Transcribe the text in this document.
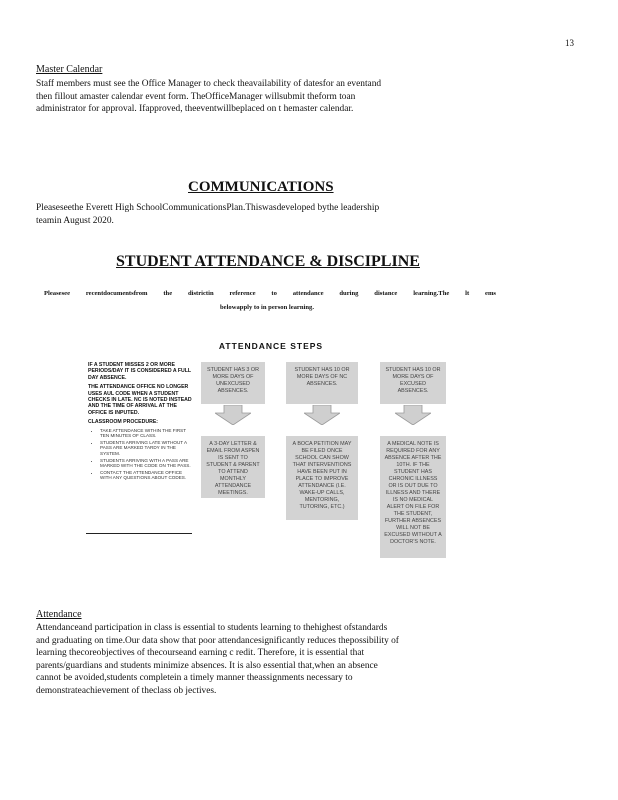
13
Master Calendar
Staff members must see the Office Manager to check theavailability of datesfor an eventand
then fillout amaster calendar event form. TheOfficeManager willsubmit theform toan
administrator for approval. Ifapproved, theeventwillbeplaced on t hemaster calendar.
COMMUNICATIONS
Pleaseseethe Everett High SchoolCommunicationsPlan.Thiswasdeveloped bythe leadership
teamin August 2020.
STUDENT ATTENDANCE & DISCIPLINE
Pleasesee recentdocumentsfrom the districtin reference to attendance during distance learning.The lt ems
belowapply to in person learning.
ATTENDANCE STEPS

IF A STUDENT MISSES 2 OR MORE PERIODS/DAY IT IS CONSIDERED A FULL DAY ABSENCE.

THE ATTENDANCE OFFICE NO LONGER USES AUL CODE WHEN A STUDENT CHECKS IN LATE. NC IS NOTED INSTEAD AND THE TIME OF ARRIVAL AT THE OFFICE IS INPUTED.

CLASSROOM PROCEDURE:

• TAKE ATTENDANCE WITHIN THE FIRST TEN MINUTES OF CLASS.
• STUDENTS ARRIVING LATE WITHOUT A PASS ARE MARKED TARDY IN THE SYSTEM.
• STUDENTS ARRIVING WITH A PASS ARE MARKED WITH THE CODE ON THE PASS.
• CONTACT THE ATTENDANCE OFFICE WITH ANY QUESTIONS ABOUT CODES.
STUDENT HAS 3 OR MORE DAYS OF UNEXCUSED ABSENCES.
A 3-DAY LETTER & EMAIL FROM ASPEN IS SENT TO STUDENT & PARENT TO ATTEND MONTHLY ATTENDANCE MEETINGS.
STUDENT HAS 10 OR MORE DAYS OF NC ABSENCES.
A BOCA PETITION MAY BE FILED ONCE SCHOOL CAN SHOW THAT INTERVENTIONS HAVE BEEN PUT IN PLACE TO IMPROVE ATTENDANCE (I.E. WAKE-UP CALLS, MENTORING, TUTORING, ETC.)
STUDENT HAS 10 OR MORE DAYS OF EXCUSED ABSENCES.
A MEDICAL NOTE IS REQUIRED FOR ANY ABSENCE AFTER THE 10TH. IF THE STUDENT HAS CHRONIC ILLNESS OR IS OUT DUE TO ILLNESS AND THERE IS NO MEDICAL ALERT ON FILE FOR THE STUDENT, FURTHER ABSENCES WILL NOT BE EXCUSED WITHOUT A DOCTOR'S NOTE.
Attendance
Attendanceand participation in class is essential to students learning to thehighest ofstandards
and graduating on time.Our data show that poor attendancesignificantly reduces thepossibility of
learning thecoreobjectives of thecourseand earning c redit. Therefore, it is essential that
parents/guardians and students minimize absences. It is also essential that,when an absence
cannot be avoided,students completein a timely manner theassignments necessary to
demonstrateachievement of theclass ob jectives.
